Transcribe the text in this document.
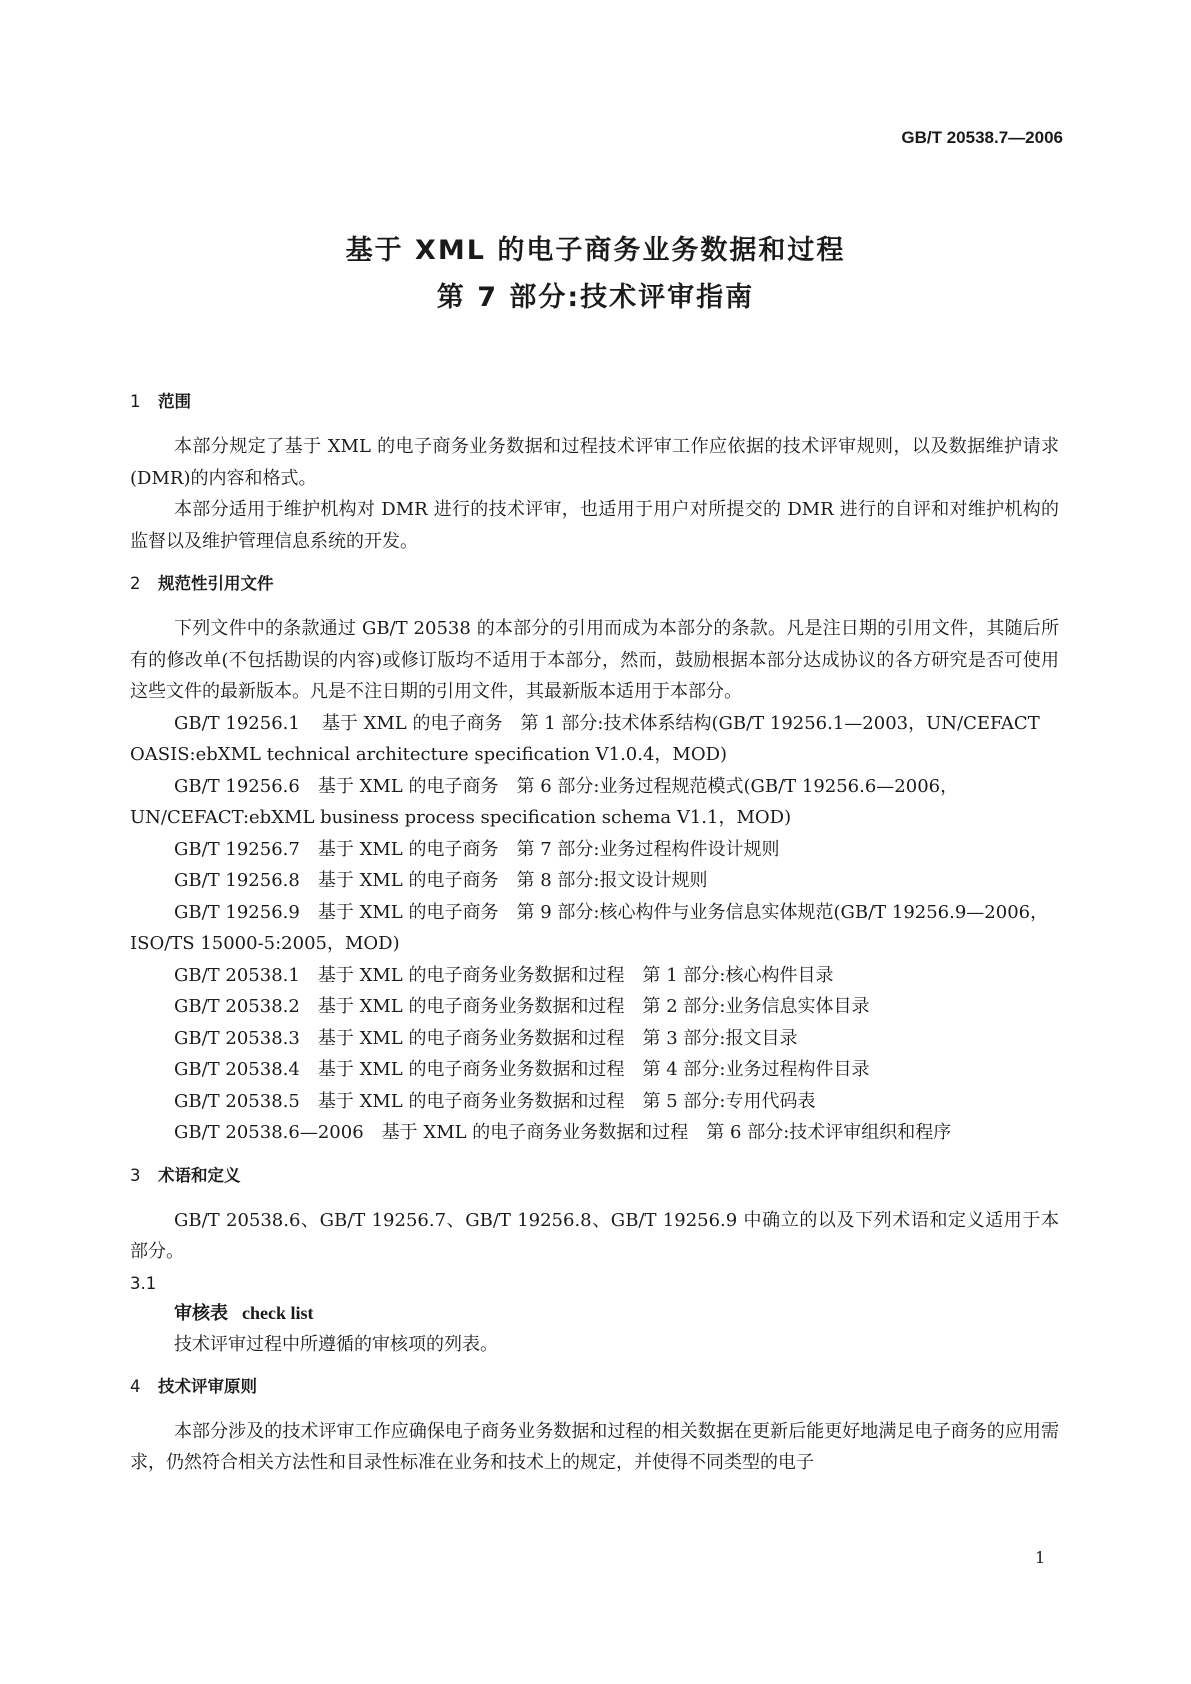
GB/T 20538.7—2006
基于 XML 的电子商务业务数据和过程
第 7 部分:技术评审指南
1 范围

本部分规定了基于 XML 的电子商务业务数据和过程技术评审工作应依据的技术评审规则，以及数据维护请求(DMR)的内容和格式。

本部分适用于维护机构对 DMR 进行的技术评审，也适用于用户对所提交的 DMR 进行的自评和对维护机构的监督以及维护管理信息系统的开发。

2 规范性引用文件

下列文件中的条款通过 GB/T 20538 的本部分的引用而成为本部分的条款。凡是注日期的引用文件，其随后所有的修改单(不包括勘误的内容)或修订版均不适用于本部分，然而，鼓励根据本部分达成协议的各方研究是否可使用这些文件的最新版本。凡是不注日期的引用文件，其最新版本适用于本部分。

GB/T 19256.1 基于 XML 的电子商务　第 1 部分:技术体系结构(GB/T 19256.1—2003，UN/CEFACT OASIS:ebXML technical architecture specification V1.0.4，MOD)
GB/T 19256.6 基于 XML 的电子商务　第 6 部分:业务过程规范模式(GB/T 19256.6—2006，UN/CEFACT:ebXML business process specification schema V1.1，MOD)
GB/T 19256.7 基于 XML 的电子商务　第 7 部分:业务过程构件设计规则
GB/T 19256.8 基于 XML 的电子商务　第 8 部分:报文设计规则
GB/T 19256.9 基于 XML 的电子商务　第 9 部分:核心构件与业务信息实体规范(GB/T 19256.9—2006，ISO/TS 15000-5:2005，MOD)
GB/T 20538.1 基于 XML 的电子商务业务数据和过程　第 1 部分:核心构件目录
GB/T 20538.2 基于 XML 的电子商务业务数据和过程　第 2 部分:业务信息实体目录
GB/T 20538.3 基于 XML 的电子商务业务数据和过程　第 3 部分:报文目录
GB/T 20538.4 基于 XML 的电子商务业务数据和过程　第 4 部分:业务过程构件目录
GB/T 20538.5 基于 XML 的电子商务业务数据和过程　第 5 部分:专用代码表
GB/T 20538.6—2006 基于 XML 的电子商务业务数据和过程　第 6 部分:技术评审组织和程序
3 术语和定义

GB/T 20538.6、GB/T 19256.7、GB/T 19256.8、GB/T 19256.9 中确立的以及下列术语和定义适用于本部分。

3.1
审核表 check list
技术评审过程中所遵循的审核项的列表。
4 技术评审原则

本部分涉及的技术评审工作应确保电子商务业务数据和过程的相关数据在更新后能更好地满足电子商务的应用需求，仍然符合相关方法性和目录性标准在业务和技术上的规定，并使得不同类型的电子

1
